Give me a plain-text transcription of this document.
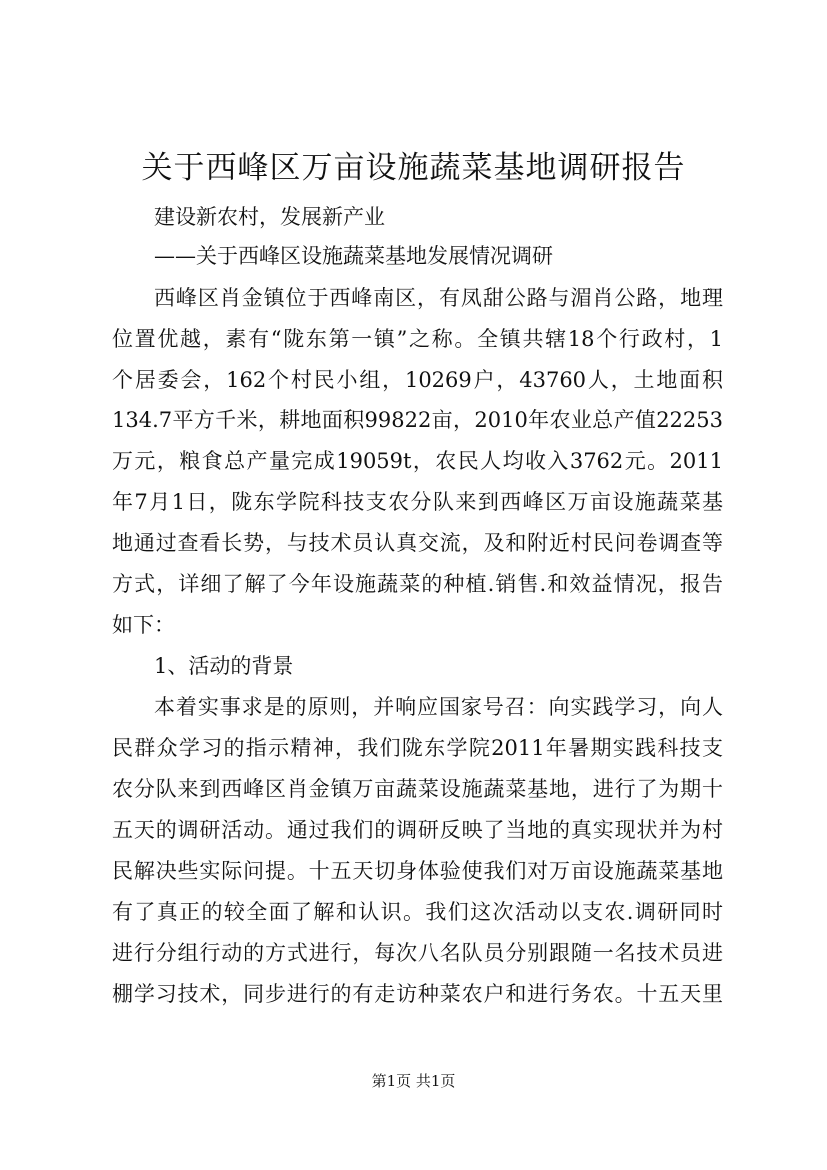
关于西峰区万亩设施蔬菜基地调研报告
建设新农村，发展新产业
——关于西峰区设施蔬菜基地发展情况调研
西峰区肖金镇位于西峰南区，有凤甜公路与湄肖公路，地理
位置优越，素有“陇东第一镇”之称。全镇共辖18个行政村，1
个居委会，162个村民小组，10269户，43760人，土地面积
134.7平方千米，耕地面积99822亩，2010年农业总产值22253
万元，粮食总产量完成19059t，农民人均收入3762元。2011
年7月1日，陇东学院科技支农分队来到西峰区万亩设施蔬菜基
地通过查看长势，与技术员认真交流，及和附近村民问卷调查等
方式，详细了解了今年设施蔬菜的种植.销售.和效益情况，报告
如下：
1、活动的背景
本着实事求是的原则，并响应国家号召：向实践学习，向人
民群众学习的指示精神，我们陇东学院2011年暑期实践科技支
农分队来到西峰区肖金镇万亩蔬菜设施蔬菜基地，进行了为期十
五天的调研活动。通过我们的调研反映了当地的真实现状并为村
民解决些实际问提。十五天切身体验使我们对万亩设施蔬菜基地
有了真正的较全面了解和认识。我们这次活动以支农.调研同时
进行分组行动的方式进行，每次八名队员分别跟随一名技术员进
棚学习技术，同步进行的有走访种菜农户和进行务农。十五天里
第1页 共1页
